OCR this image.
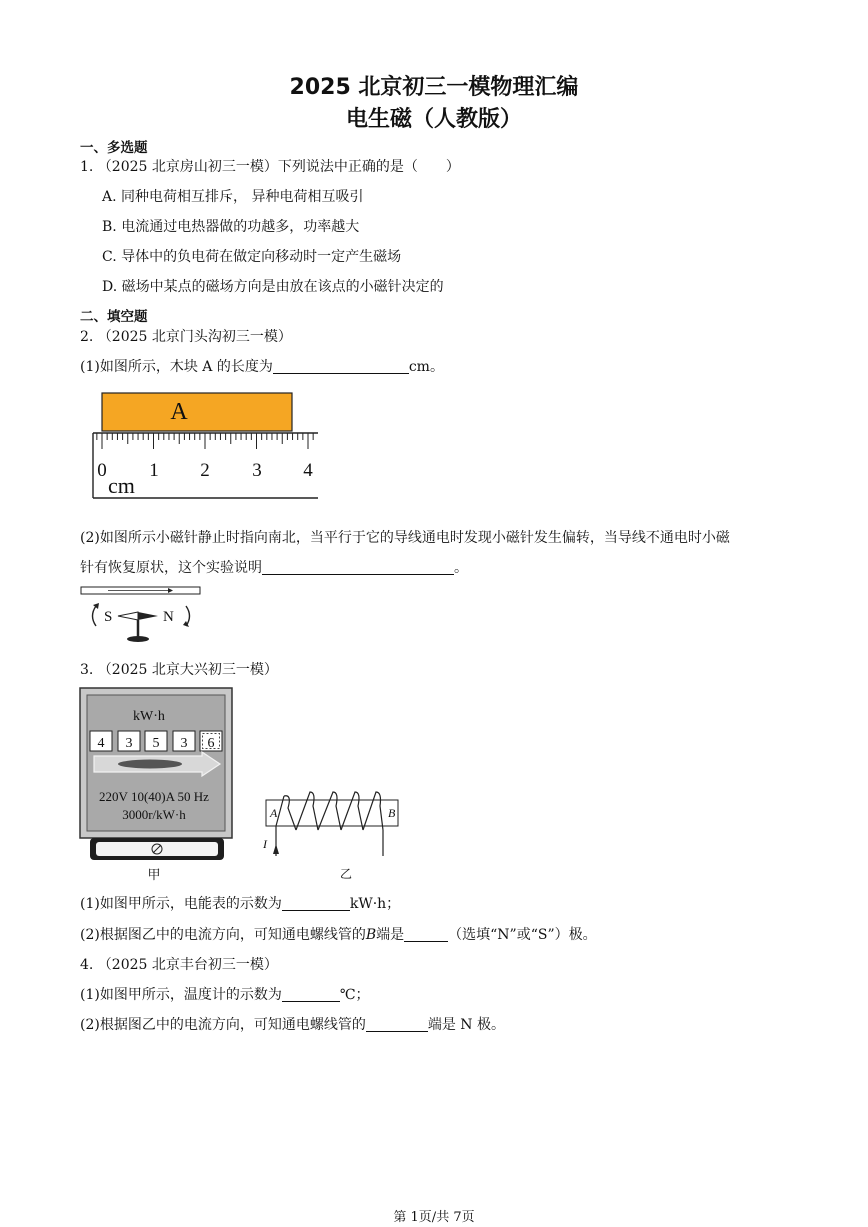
2025 北京初三一模物理汇编
电生磁（人教版）
一、多选题
1. （2025 北京房山初三一模）下列说法中正确的是（　　）
A. 同种电荷相互排斥， 异种电荷相互吸引
B. 电流通过电热器做的功越多，功率越大
C. 导体中的负电荷在做定向移动时一定产生磁场
D. 磁场中某点的磁场方向是由放在该点的小磁针决定的
二、填空题
2. （2025 北京门头沟初三一模）
(1)如图所示，木块 A 的长度为	cm。
A
0 1 2 3 4
cm
(2)如图所示小磁针静止时指向南北，当平行于它的导线通电时发现小磁针发生偏转，当导线不通电时小磁
针有恢复原状，这个实验说明	。
S	N
3. （2025 北京大兴初三一模）
kW·h
4 3 5 3 6
220V 10(40)A 50 Hz
3000r/kW·h
甲
A	B
I
乙
(1)如图甲所示，电能表的示数为	kW·h；
(2)根据图乙中的电流方向，可知通电螺线管的B端是	（选填“N”或“S”）极。
4. （2025 北京丰台初三一模）
(1)如图甲所示，温度计的示数为	℃；
(2)根据图乙中的电流方向，可知通电螺线管的	端是 N 极。
第 1页/共 7页
